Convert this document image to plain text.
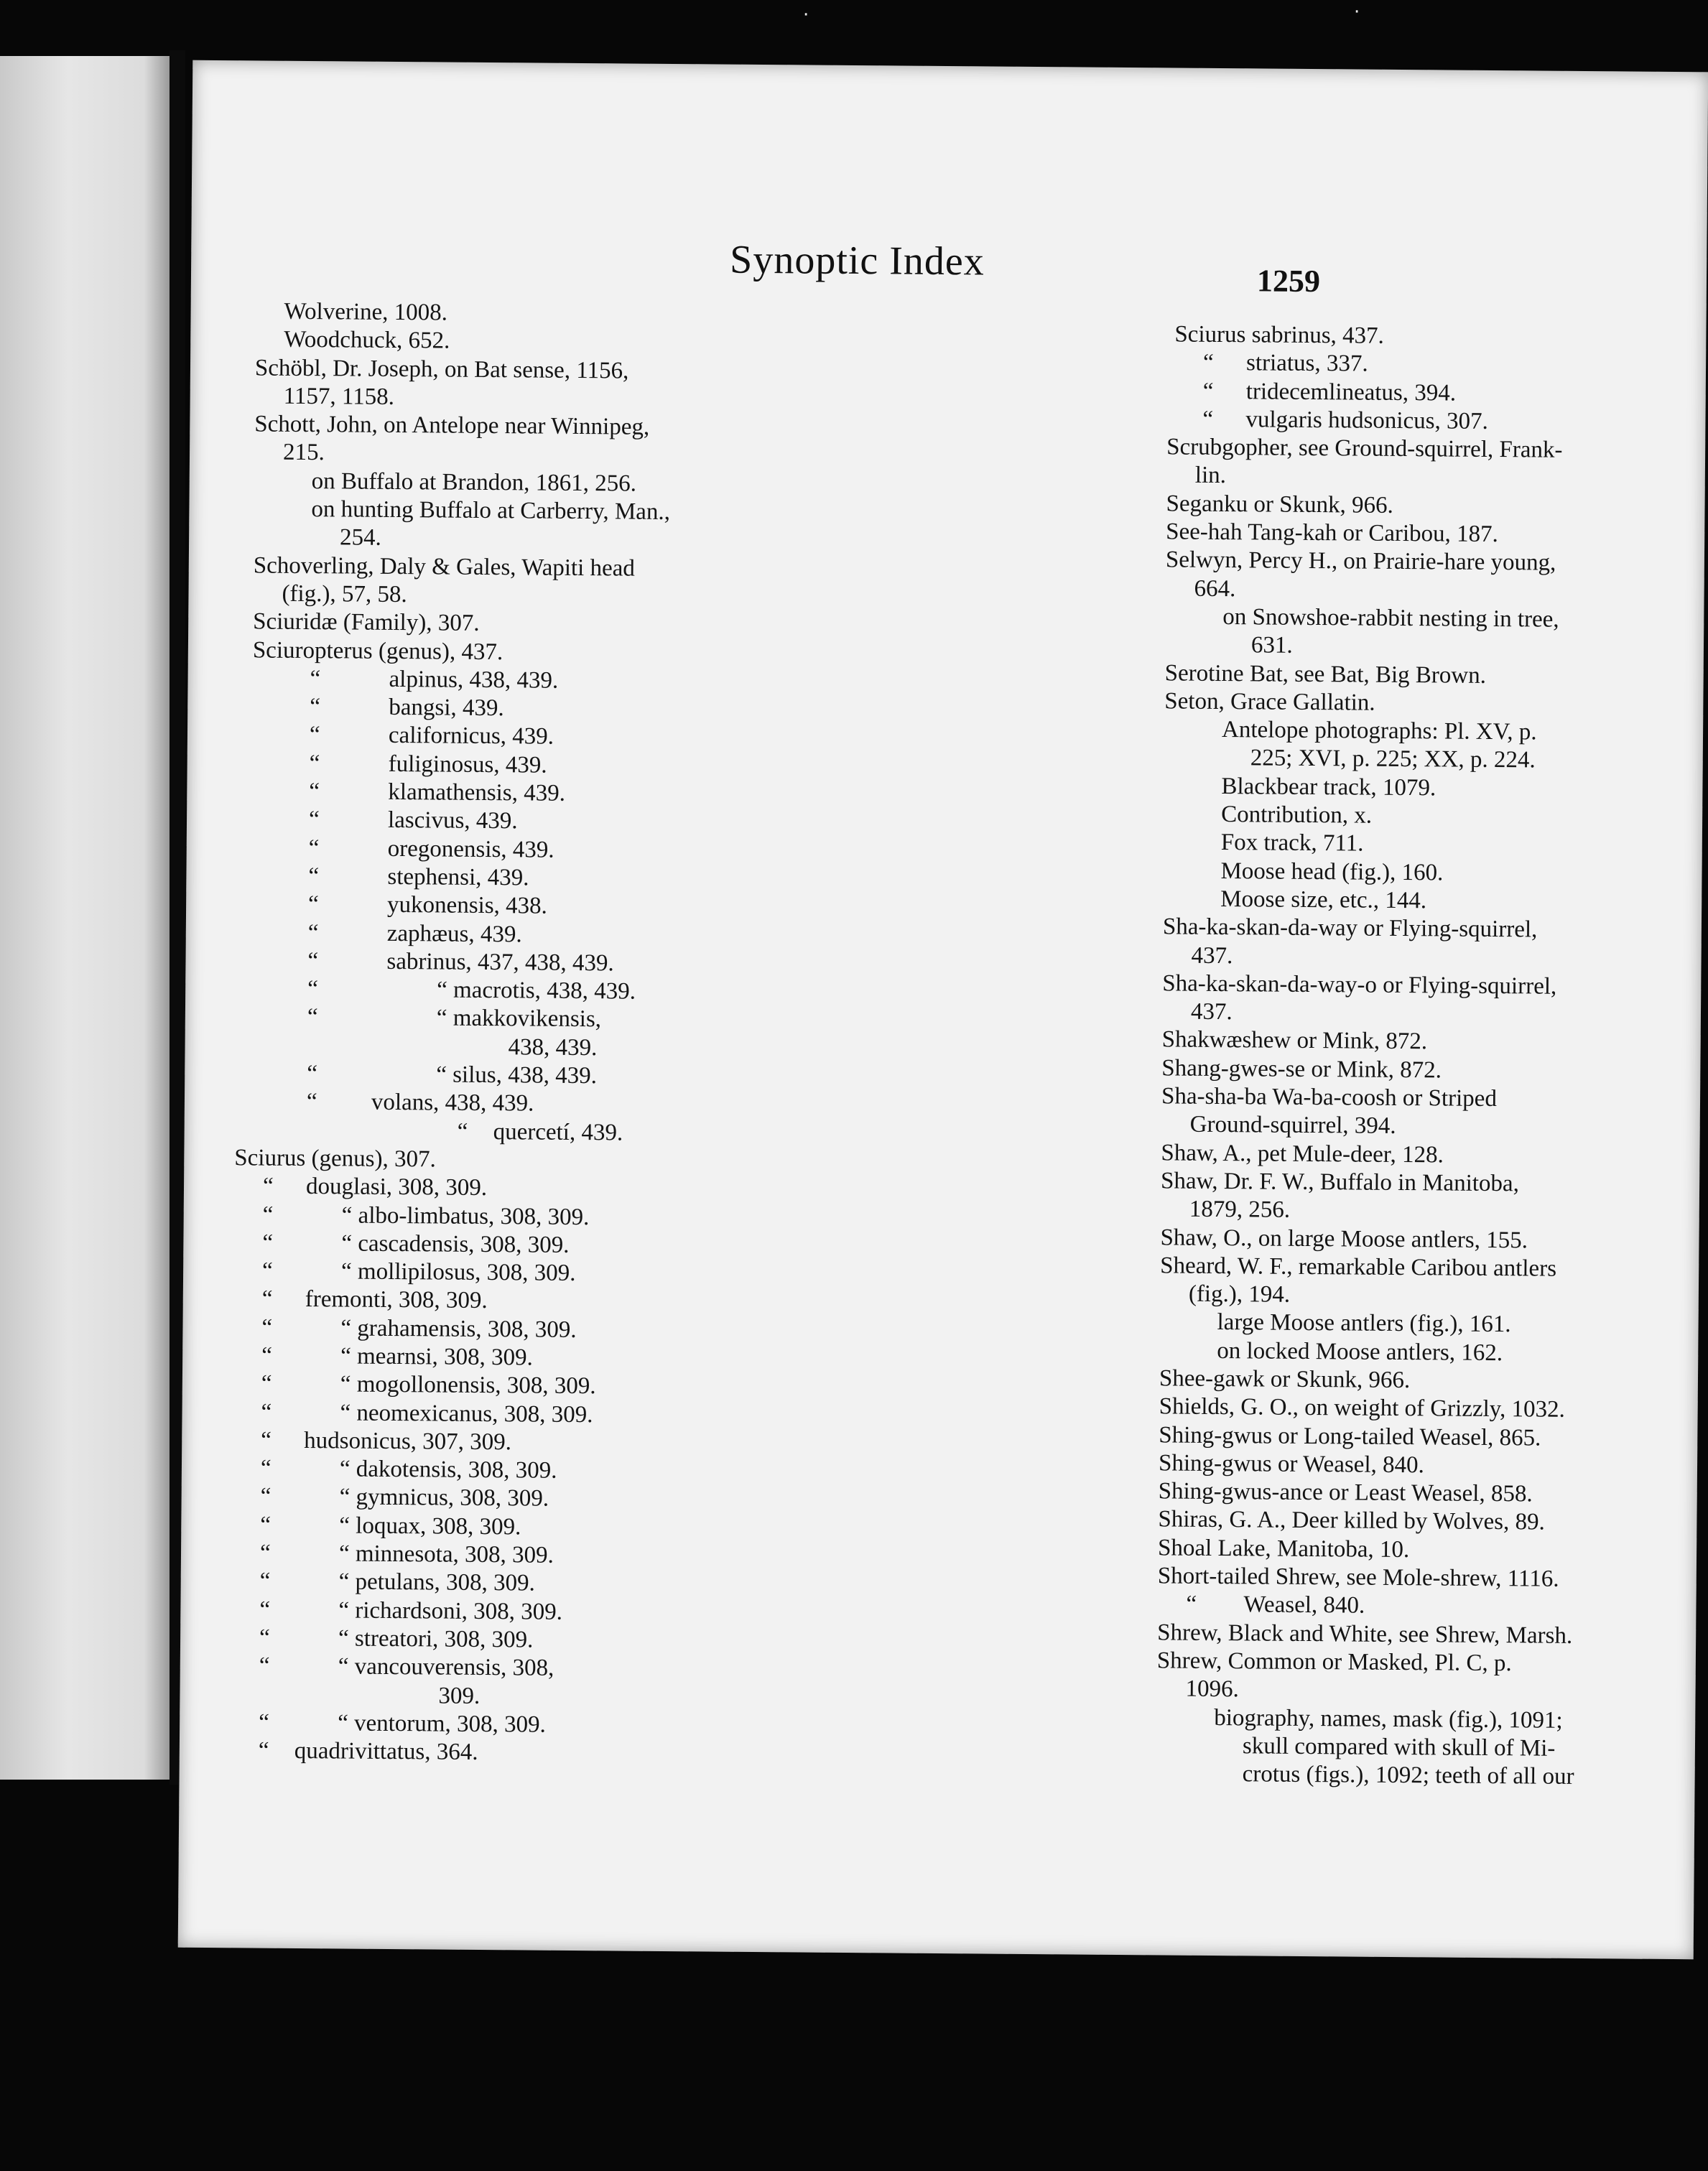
·	·
Synoptic Index	1259
Wolverine, 1008.
Woodchuck, 652.
Schöbl, Dr. Joseph, on Bat sense, 1156,
1157, 1158.
Schott, John, on Antelope near Winnipeg,
215.
on Buffalo at Brandon, 1861, 256.
on hunting Buffalo at Carberry, Man.,
254.
Schoverling, Daly & Gales, Wapiti head
(fig.), 57, 58.
Sciuridæ (Family), 307.
Sciuropterus (genus), 437.
“	alpinus, 438, 439.
“	bangsi, 439.
“	californicus, 439.
“	fuliginosus, 439.
“	klamathensis, 439.
“	lascivus, 439.
“	oregonensis, 439.
“	stephensi, 439.
“	yukonensis, 438.
“	zaphæus, 439.
“	sabrinus, 437, 438, 439.
“	“ macrotis, 438, 439.
“	“ makkovikensis,
438, 439.
“	“ silus, 438, 439.
“ volans, 438, 439.
“ quercetí, 439.
Sciurus (genus), 307.
“ douglasi, 308, 309.
“	“ albo-limbatus, 308, 309.
“	“ cascadensis, 308, 309.
“	“ mollipilosus, 308, 309.
“ fremonti, 308, 309.
“	“ grahamensis, 308, 309.
“	“ mearnsi, 308, 309.
“	“ mogollonensis, 308, 309.
“	“ neomexicanus, 308, 309.
“ hudsonicus, 307, 309.
“	“ dakotensis, 308, 309.
“	“ gymnicus, 308, 309.
“	“ loquax, 308, 309.
“	“ minnesota, 308, 309.
“	“ petulans, 308, 309.
“	“ richardsoni, 308, 309.
“	“ streatori, 308, 309.
“	“ vancouverensis, 308,
309.
“	“ ventorum, 308, 309.
“ quadrivittatus, 364.
Sciurus sabrinus, 437.
“ striatus, 337.
“ tridecemlineatus, 394.
“ vulgaris hudsonicus, 307.
Scrubgopher, see Ground-squirrel, Frank-
lin.
Seganku or Skunk, 966.
See-hah Tang-kah or Caribou, 187.
Selwyn, Percy H., on Prairie-hare young,
664.
on Snowshoe-rabbit nesting in tree,
631.
Serotine Bat, see Bat, Big Brown.
Seton, Grace Gallatin.
Antelope photographs: Pl. XV, p.
225; XVI, p. 225; XX, p. 224.
Blackbear track, 1079.
Contribution, x.
Fox track, 711.
Moose head (fig.), 160.
Moose size, etc., 144.
Sha-ka-skan-da-way or Flying-squirrel,
437.
Sha-ka-skan-da-way-o or Flying-squirrel,
437.
Shakwæshew or Mink, 872.
Shang-gwes-se or Mink, 872.
Sha-sha-ba Wa-ba-coosh or Striped
Ground-squirrel, 394.
Shaw, A., pet Mule-deer, 128.
Shaw, Dr. F. W., Buffalo in Manitoba,
1879, 256.
Shaw, O., on large Moose antlers, 155.
Sheard, W. F., remarkable Caribou antlers
(fig.), 194.
large Moose antlers (fig.), 161.
on locked Moose antlers, 162.
Shee-gawk or Skunk, 966.
Shields, G. O., on weight of Grizzly, 1032.
Shing-gwus or Long-tailed Weasel, 865.
Shing-gwus or Weasel, 840.
Shing-gwus-ance or Least Weasel, 858.
Shiras, G. A., Deer killed by Wolves, 89.
Shoal Lake, Manitoba, 10.
Short-tailed Shrew, see Mole-shrew, 1116.
“ Weasel, 840.
Shrew, Black and White, see Shrew, Marsh.
Shrew, Common or Masked, Pl. C, p.
1096.
biography, names, mask (fig.), 1091;
skull compared with skull of Mi-
crotus (figs.), 1092; teeth of all our
